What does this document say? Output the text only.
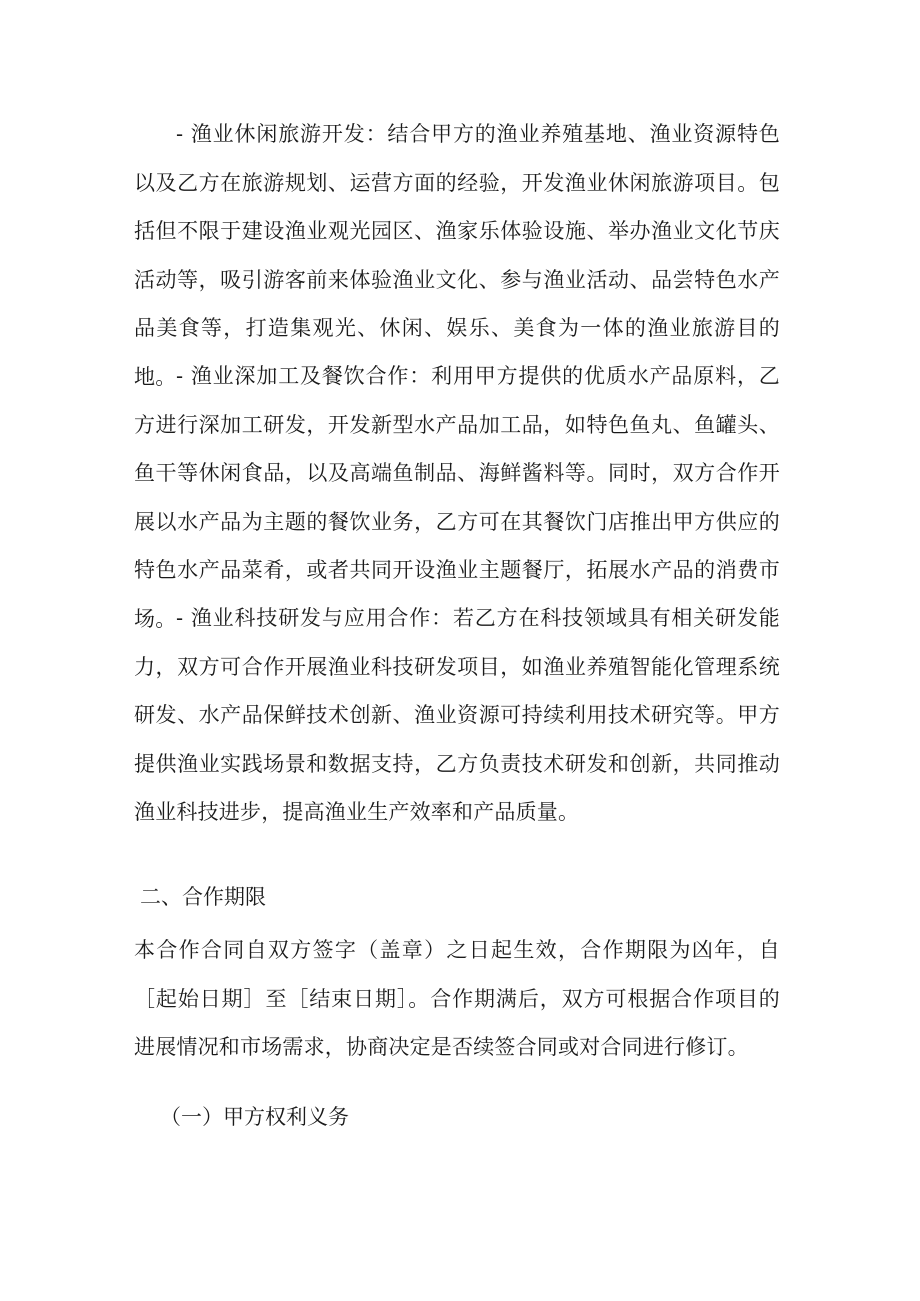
- 渔业休闲旅游开发：结合甲方的渔业养殖基地、渔业资源特色以及乙方在旅游规划、运营方面的经验，开发渔业休闲旅游项目。包括但不限于建设渔业观光园区、渔家乐体验设施、举办渔业文化节庆活动等，吸引游客前来体验渔业文化、参与渔业活动、品尝特色水产品美食等，打造集观光、休闲、娱乐、美食为一体的渔业旅游目的地。 - 渔业深加工及餐饮合作：利用甲方提供的优质水产品原料，乙方进行深加工研发，开发新型水产品加工品，如特色鱼丸、鱼罐头、鱼干等休闲食品，以及高端鱼制品、海鲜酱料等。同时，双方合作开展以水产品为主题的餐饮业务，乙方可在其餐饮门店推出甲方供应的特色水产品菜肴，或者共同开设渔业主题餐厅，拓展水产品的消费市场。 - 渔业科技研发与应用合作：若乙方在科技领域具有相关研发能力，双方可合作开展渔业科技研发项目，如渔业养殖智能化管理系统研发、水产品保鲜技术创新、渔业资源可持续利用技术研究等。甲方提供渔业实践场景和数据支持，乙方负责技术研发和创新，共同推动渔业科技进步，提高渔业生产效率和产品质量。

二、合作期限

本合作合同自双方签字（盖章）之日起生效，合作期限为凶年，自［起始日期］至［结束日期］。合作期满后，双方可根据合作项目的进展情况和市场需求，协商决定是否续签合同或对合同进行修订。

（一）甲方权利义务
